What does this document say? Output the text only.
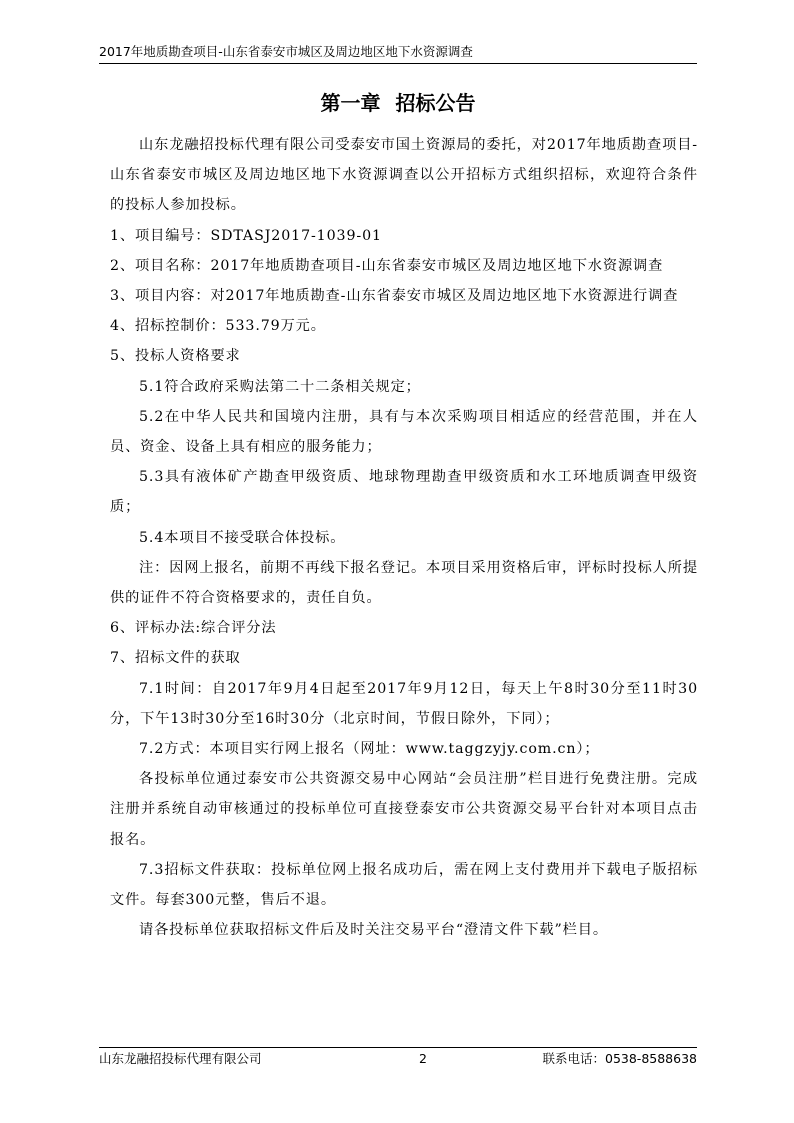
2017年地质勘查项目-山东省泰安市城区及周边地区地下水资源调查
第一章 招标公告

山东龙融招投标代理有限公司受泰安市国土资源局的委托，对2017年地质勘查项目-山东省泰安市城区及周边地区地下水资源调查以公开招标方式组织招标，欢迎符合条件的投标人参加投标。

1、项目编号：SDTASJ2017-1039-01

2、项目名称：2017年地质勘查项目-山东省泰安市城区及周边地区地下水资源调查

3、项目内容：对2017年地质勘查-山东省泰安市城区及周边地区地下水资源进行调查

4、招标控制价：533.79万元。

5、投标人资格要求

5.1符合政府采购法第二十二条相关规定；

5.2在中华人民共和国境内注册，具有与本次采购项目相适应的经营范围，并在人员、资金、设备上具有相应的服务能力；

5.3具有液体矿产勘查甲级资质、地球物理勘查甲级资质和水工环地质调查甲级资质；

5.4本项目不接受联合体投标。

注：因网上报名，前期不再线下报名登记。本项目采用资格后审，评标时投标人所提供的证件不符合资格要求的，责任自负。

6、评标办法:综合评分法

7、招标文件的获取

7.1时间：自2017年9月4日起至2017年9月12日，每天上午8时30分至11时30分，下午13时30分至16时30分（北京时间，节假日除外，下同）；

7.2方式：本项目实行网上报名（网址：www.taggzyjy.com.cn）；

各投标单位通过泰安市公共资源交易中心网站“会员注册”栏目进行免费注册。完成注册并系统自动审核通过的投标单位可直接登泰安市公共资源交易平台针对本项目点击报名。

7.3招标文件获取：投标单位网上报名成功后，需在网上支付费用并下载电子版招标文件。每套300元整，售后不退。

请各投标单位获取招标文件后及时关注交易平台“澄清文件下载”栏目。

山东龙融招投标代理有限公司	2	联系电话：0538-8588638
